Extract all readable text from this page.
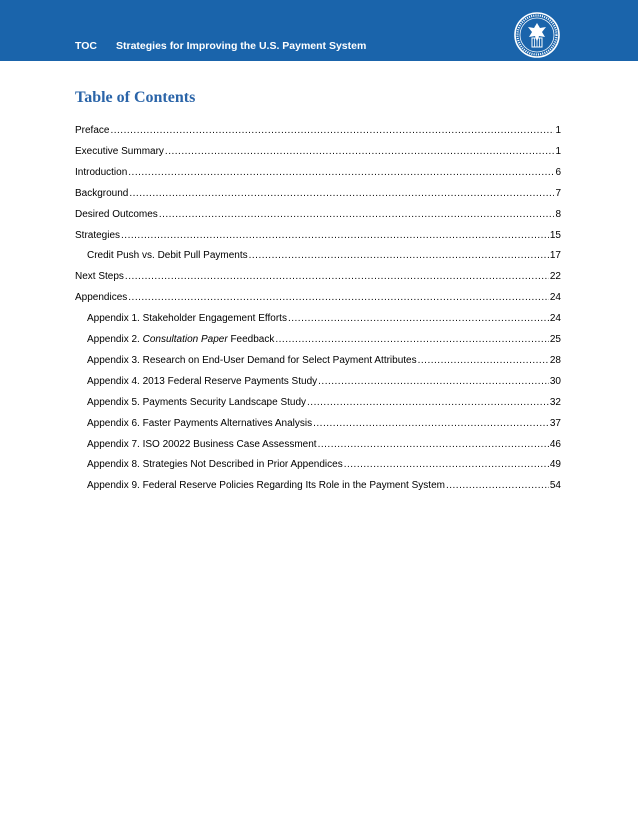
TOC Strategies for Improving the U.S. Payment System
Table of Contents
Preface .....	1
Executive Summary .....	1
Introduction .....	6
Background .....	7
Desired Outcomes .....	8
Strategies .....	15
Credit Push vs. Debit Pull Payments .....	17
Next Steps .....	22
Appendices .....	24
Appendix 1. Stakeholder Engagement Efforts .....	24
Appendix 2. Consultation Paper Feedback .....	25
Appendix 3. Research on End-User Demand for Select Payment Attributes .....	28
Appendix 4. 2013 Federal Reserve Payments Study .....	30
Appendix 5. Payments Security Landscape Study .....	32
Appendix 6. Faster Payments Alternatives Analysis .....	37
Appendix 7. ISO 20022 Business Case Assessment .....	46
Appendix 8. Strategies Not Described in Prior Appendices .....	49
Appendix 9. Federal Reserve Policies Regarding Its Role in the Payment System .....	54
